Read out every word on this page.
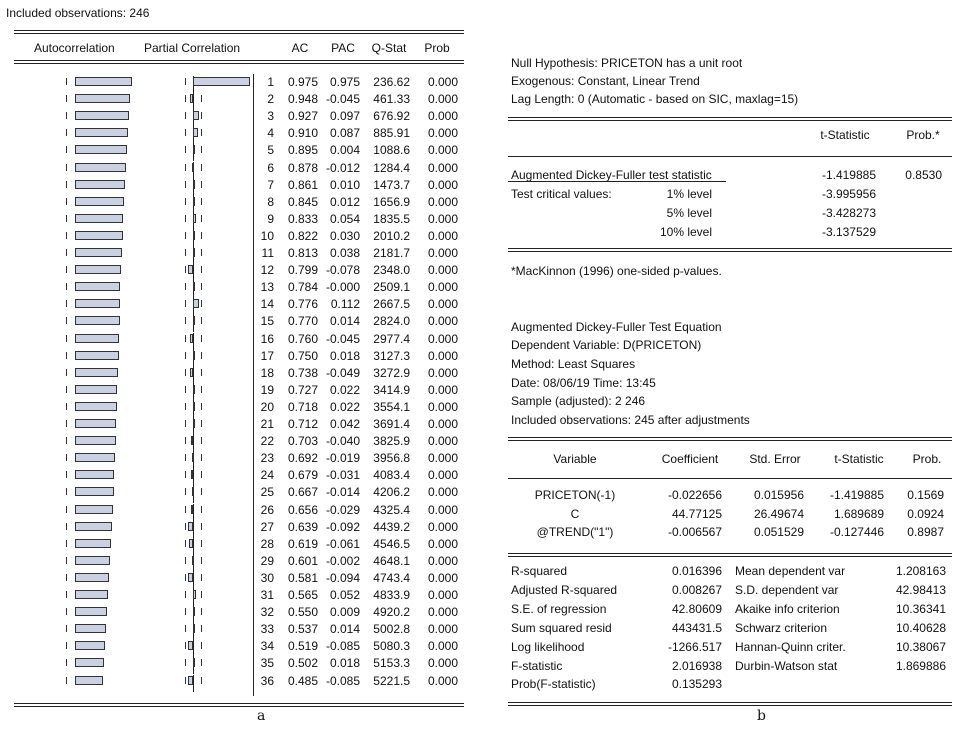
Included observations: 246
Autocorrelation Partial Correlation	AC	PAC	Q-Stat	Prob
1	0.975 0.975	236.62	0.000
2	0.948 -0.045	461.33	0.000
3	0.927 0.097	676.92	0.000
4	0.910 0.087	885.91	0.000
5	0.895 0.004	1088.6	0.000
6	0.878 -0.012	1284.4	0.000
7	0.861 0.010	1473.7	0.000
8	0.845 0.012	1656.9	0.000
9	0.833 0.054	1835.5	0.000
10	0.822 0.030	2010.2	0.000
11	0.813 0.038	2181.7	0.000
12	0.799 -0.078	2348.0	0.000
13	0.784 -0.000	2509.1	0.000
14	0.776	0.112	2667.5	0.000
15	0.770 0.014	2824.0	0.000
16	0.760 -0.045	2977.4	0.000
17	0.750 0.018	3127.3	0.000
18	0.738 -0.049	3272.9	0.000
19	0.727 0.022	3414.9	0.000
20	0.718 0.022	3554.1	0.000
21	0.712 0.042	3691.4	0.000
22	0.703 -0.040	3825.9	0.000
23	0.692 -0.019	3956.8	0.000
24	0.679 -0.031	4083.4	0.000
25	0.667 -0.014	4206.2	0.000
26	0.656 -0.029	4325.4	0.000
27	0.639 -0.092	4439.2	0.000
28	0.619 -0.061	4546.5	0.000
29	0.601 -0.002	4648.1	0.000
30	0.581 -0.094	4743.4	0.000
31	0.565 0.052	4833.9	0.000
32	0.550 0.009	4920.2	0.000
33	0.537 0.014	5002.8	0.000
34	0.519 -0.085	5080.3	0.000
35	0.502 0.018	5153.3	0.000
36	0.485 -0.085	5221.5	0.000
a
Null Hypothesis: PRICETON has a unit root
Exogenous: Constant, Linear Trend
Lag Length: 0 (Automatic - based on SIC, maxlag=15)
t-Statistic	Prob.*
Augmented Dickey-Fuller test statistic	-1.419885	0.8530
Test critical values:	1% level	-3.995956
5% level	-3.428273
10% level	-3.137529
*MacKinnon (1996) one-sided p-values.
Augmented Dickey-Fuller Test Equation
Dependent Variable: D(PRICETON)
Method: Least Squares
Date: 08/06/19 Time: 13:45
Sample (adjusted): 2 246
Included observations: 245 after adjustments
Variable	Coefficient	Std. Error	t-Statistic	Prob.
PRICETON(-1)	-0.022656	0.015956	-1.419885	0.1569
C	44.77125	26.49674	1.689689	0.0924
@TREND("1")	-0.006567	0.051529	-0.127446	0.8987
R-squared	0.016396 Mean dependent var	1.208163
Adjusted R-squared	0.008267 S.D. dependent var	42.98413
S.E. of regression	42.80609 Akaike info criterion	10.36341
Sum squared resid	443431.5 Schwarz criterion	10.40628
Log likelihood	-1266.517 Hannan-Quinn criter.	10.38067
F-statistic	2.016938 Durbin-Watson stat	1.869886
Prob(F-statistic)	0.135293
b
